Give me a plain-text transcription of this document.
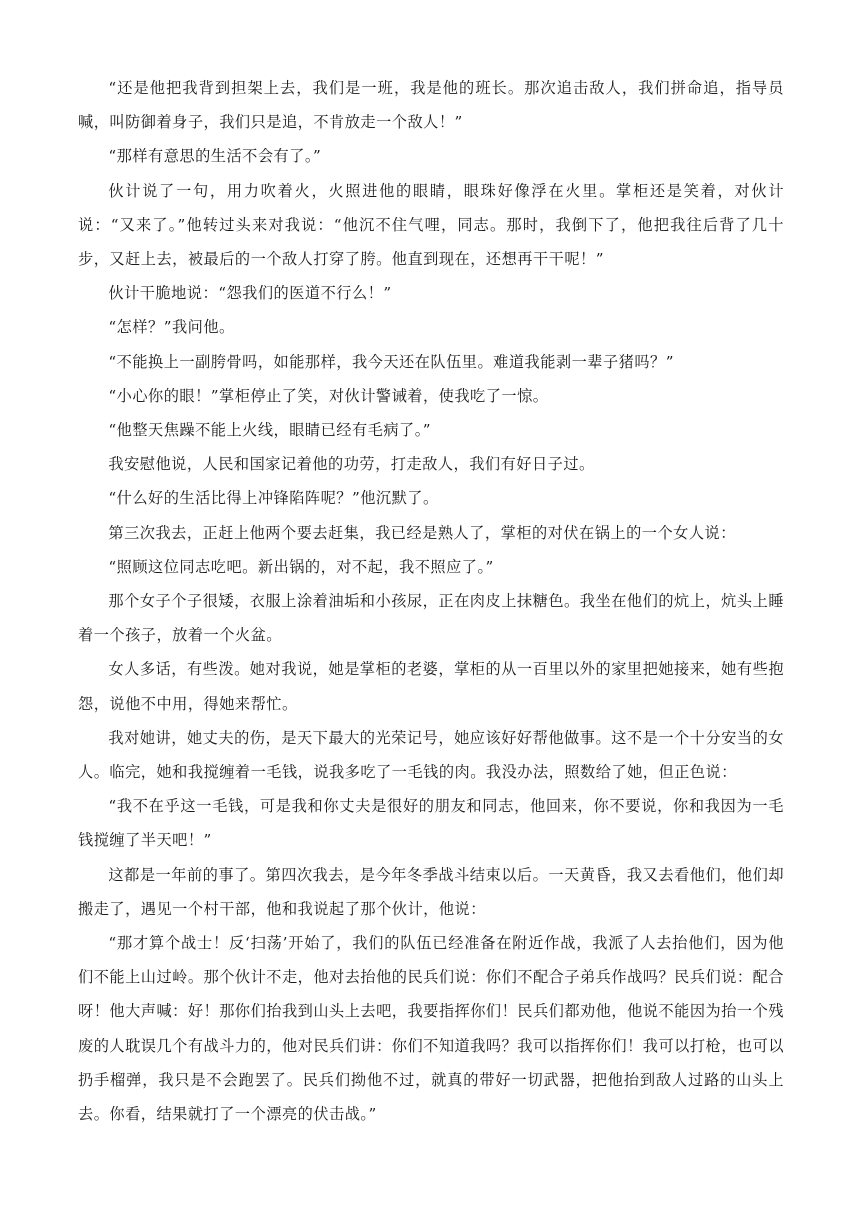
“还是他把我背到担架上去，我们是一班，我是他的班长。那次追击敌人，我们拼命追，指导员喊，叫防御着身子，我们只是追，不肯放走一个敌人！”

“那样有意思的生活不会有了。”

伙计说了一句，用力吹着火，火照进他的眼睛，眼珠好像浮在火里。掌柜还是笑着，对伙计说：“又来了。”他转过头来对我说：“他沉不住气哩，同志。那时，我倒下了，他把我往后背了几十步，又赶上去，被最后的一个敌人打穿了胯。他直到现在，还想再干干呢！”

伙计干脆地说：“怨我们的医道不行么！”

“怎样？”我问他。

“不能换上一副胯骨吗，如能那样，我今天还在队伍里。难道我能剥一辈子猪吗？”

“小心你的眼！”掌柜停止了笑，对伙计警诫着，使我吃了一惊。

“他整天焦躁不能上火线，眼睛已经有毛病了。”

我安慰他说，人民和国家记着他的功劳，打走敌人，我们有好日子过。

“什么好的生活比得上冲锋陷阵呢？”他沉默了。

第三次我去，正赶上他两个要去赶集，我已经是熟人了，掌柜的对伏在锅上的一个女人说：

“照顾这位同志吃吧。新出锅的，对不起，我不照应了。”

那个女子个子很矮，衣服上涂着油垢和小孩尿，正在肉皮上抹糖色。我坐在他们的炕上，炕头上睡着一个孩子，放着一个火盆。

女人多话，有些泼。她对我说，她是掌柜的老婆，掌柜的从一百里以外的家里把她接来，她有些抱怨，说他不中用，得她来帮忙。

我对她讲，她丈夫的伤，是天下最大的光荣记号，她应该好好帮他做事。这不是一个十分安当的女人。临完，她和我搅缠着一毛钱，说我多吃了一毛钱的肉。我没办法，照数给了她，但正色说：

“我不在乎这一毛钱，可是我和你丈夫是很好的朋友和同志，他回来，你不要说，你和我因为一毛钱搅缠了半天吧！”

这都是一年前的事了。第四次我去，是今年冬季战斗结束以后。一天黄昏，我又去看他们，他们却搬走了，遇见一个村干部，他和我说起了那个伙计，他说：

“那才算个战士！反‘扫荡’开始了，我们的队伍已经准备在附近作战，我派了人去抬他们，因为他们不能上山过岭。那个伙计不走，他对去抬他的民兵们说：你们不配合子弟兵作战吗？民兵们说：配合呀！他大声喊：好！那你们抬我到山头上去吧，我要指挥你们！民兵们都劝他，他说不能因为抬一个残废的人耽误几个有战斗力的，他对民兵们讲：你们不知道我吗？我可以指挥你们！我可以打枪，也可以扔手榴弹，我只是不会跑罢了。民兵们拗他不过，就真的带好一切武器，把他抬到敌人过路的山头上去。你看，结果就打了一个漂亮的伏击战。”
